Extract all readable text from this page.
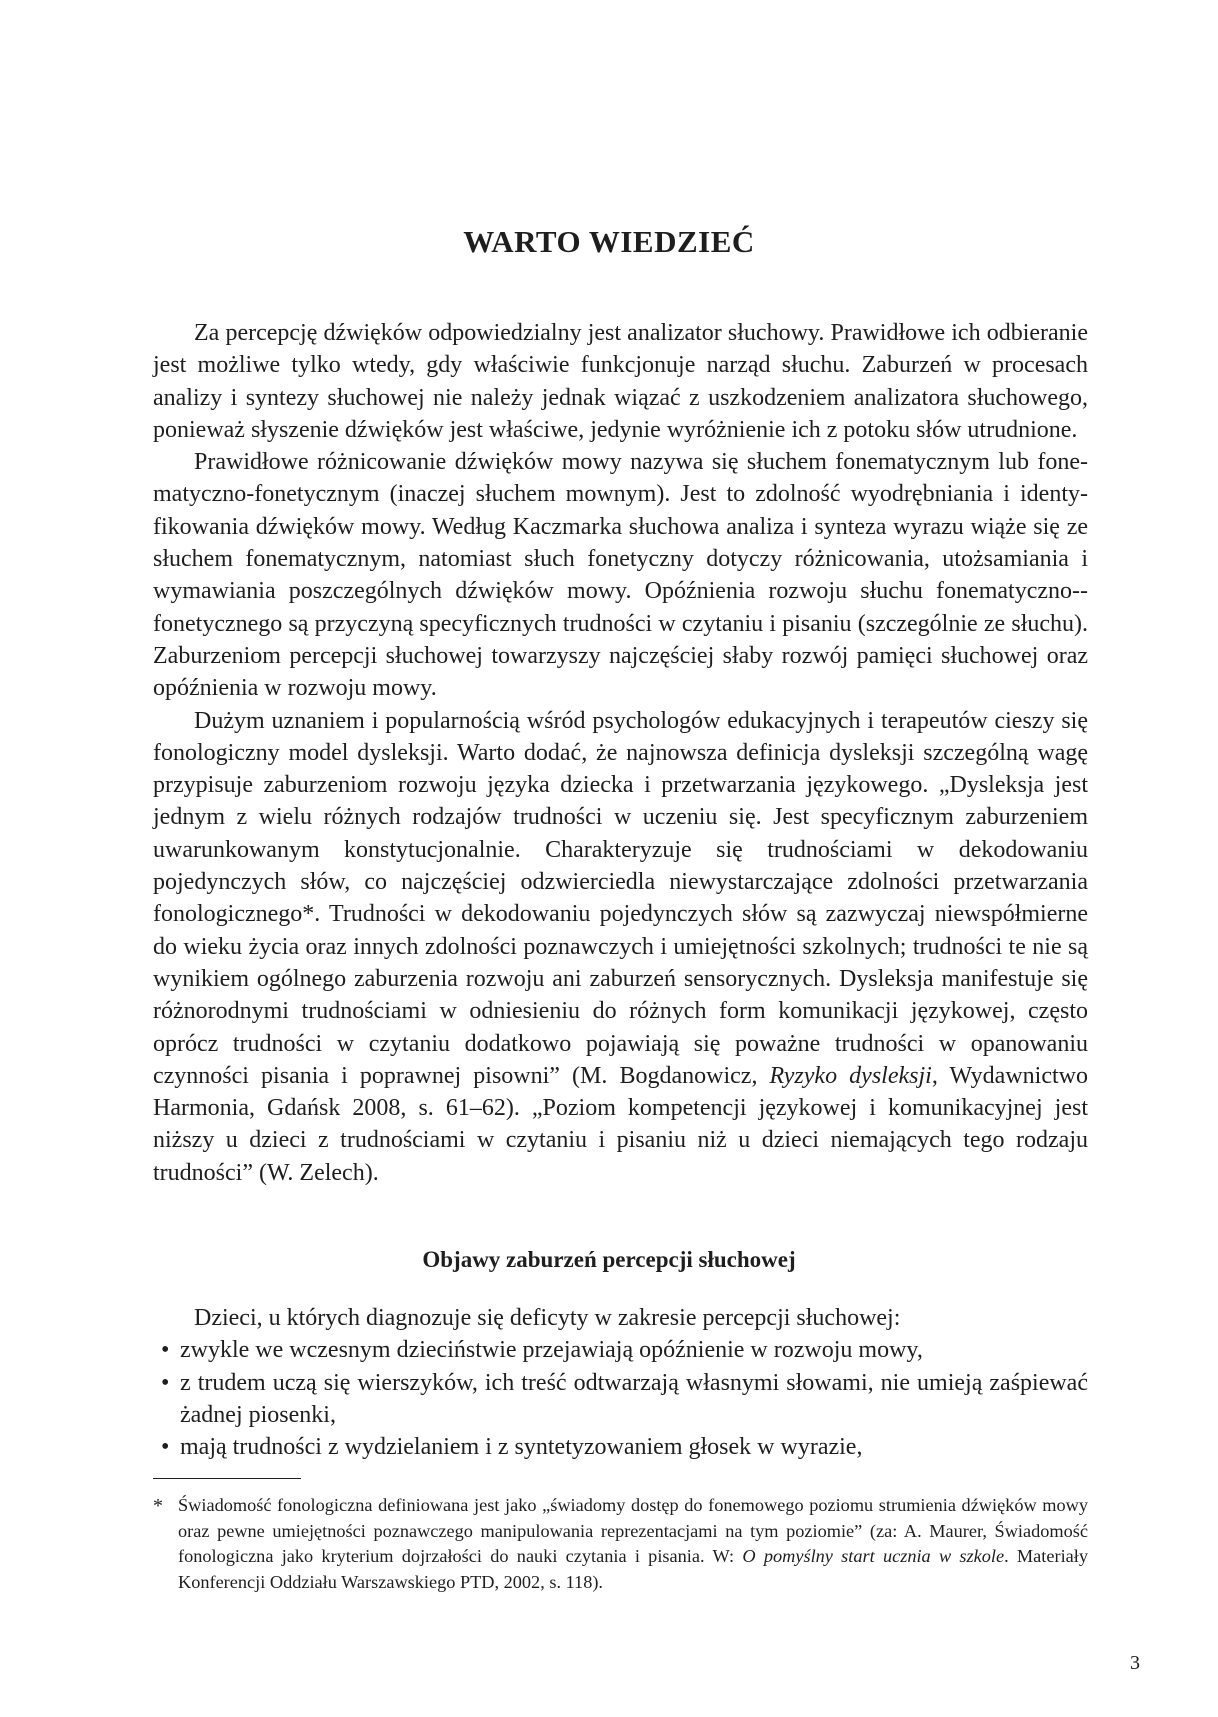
WARTO WIEDZIEĆ

Za percepcję dźwięków odpowiedzialny jest analizator słuchowy. Prawidłowe ich odbieranie jest możliwe tylko wtedy, gdy właściwie funkcjonuje narząd słuchu. Zaburzeń w procesach analizy i syntezy słuchowej nie należy jednak wiązać z uszkodzeniem analizatora słuchowego, ponieważ słyszenie dźwięków jest właściwe, jedynie wyróżnienie ich z potoku słów utrudnione.

Prawidłowe różnicowanie dźwięków mowy nazywa się słuchem fonematycznym lub fonematyczno-fonetycznym (inaczej słuchem mownym). Jest to zdolność wyodrębniania i identyfikowania dźwięków mowy. Według Kaczmarka słuchowa analiza i synteza wyrazu wiąże się ze słuchem fonematycznym, natomiast słuch fonetyczny dotyczy różnicowania, utożsamiania i wymawiania poszczególnych dźwięków mowy. Opóźnienia rozwoju słuchu fonematyczno-fonetycznego są przyczyną specyficznych trudności w czytaniu i pisaniu (szczególnie ze słuchu). Zaburzeniom percepcji słuchowej towarzyszy najczęściej słaby rozwój pamięci słuchowej oraz opóźnienia w rozwoju mowy.

Dużym uznaniem i popularnością wśród psychologów edukacyjnych i terapeutów cieszy się fonologiczny model dysleksji. Warto dodać, że najnowsza definicja dysleksji szczególną wagę przypisuje zaburzeniom rozwoju języka dziecka i przetwarzania językowego. „Dysleksja jest jednym z wielu różnych rodzajów trudności w uczeniu się. Jest specyficznym zaburzeniem uwarunkowanym konstytucjonalnie. Charakteryzuje się trudnościami w dekodowaniu pojedynczych słów, co najczęściej odzwierciedla niewystarczające zdolności przetwarzania fonologicznego*. Trudności w dekodowaniu pojedynczych słów są zazwyczaj niewspółmierne do wieku życia oraz innych zdolności poznawczych i umiejętności szkolnych; trudności te nie są wynikiem ogólnego zaburzenia rozwoju ani zaburzeń sensorycznych. Dysleksja manifestuje się różnorodnymi trudnościami w odniesieniu do różnych form komunikacji językowej, często oprócz trudności w czytaniu dodatkowo pojawiają się poważne trudności w opanowaniu czynności pisania i poprawnej pisowni” (M. Bogdanowicz, Ryzyko dysleksji, Wydawnictwo Harmonia, Gdańsk 2008, s. 61–62). „Poziom kompetencji językowej i komunikacyjnej jest niższy u dzieci z trudnościami w czytaniu i pisaniu niż u dzieci niemających tego rodzaju trudności” (W. Zelech).

Objawy zaburzeń percepcji słuchowej

Dzieci, u których diagnozuje się deficyty w zakresie percepcji słuchowej:

• zwykle we wczesnym dzieciństwie przejawiają opóźnienie w rozwoju mowy,
• z trudem uczą się wierszyków, ich treść odtwarzają własnymi słowami, nie umieją zaśpiewać żadnej piosenki,
• mają trudności z wydzielaniem i z syntetyzowaniem głosek w wyrazie,
* Świadomość fonologiczna definiowana jest jako „świadomy dostęp do fonemowego poziomu strumienia dźwięków mowy oraz pewne umiejętności poznawczego manipulowania reprezentacjami na tym poziomie” (za: A. Maurer, Świadomość fonologiczna jako kryterium dojrzałości do nauki czytania i pisania. W: O pomyślny start ucznia w szkole. Materiały Konferencji Oddziału Warszawskiego PTD, 2002, s. 118).

3
